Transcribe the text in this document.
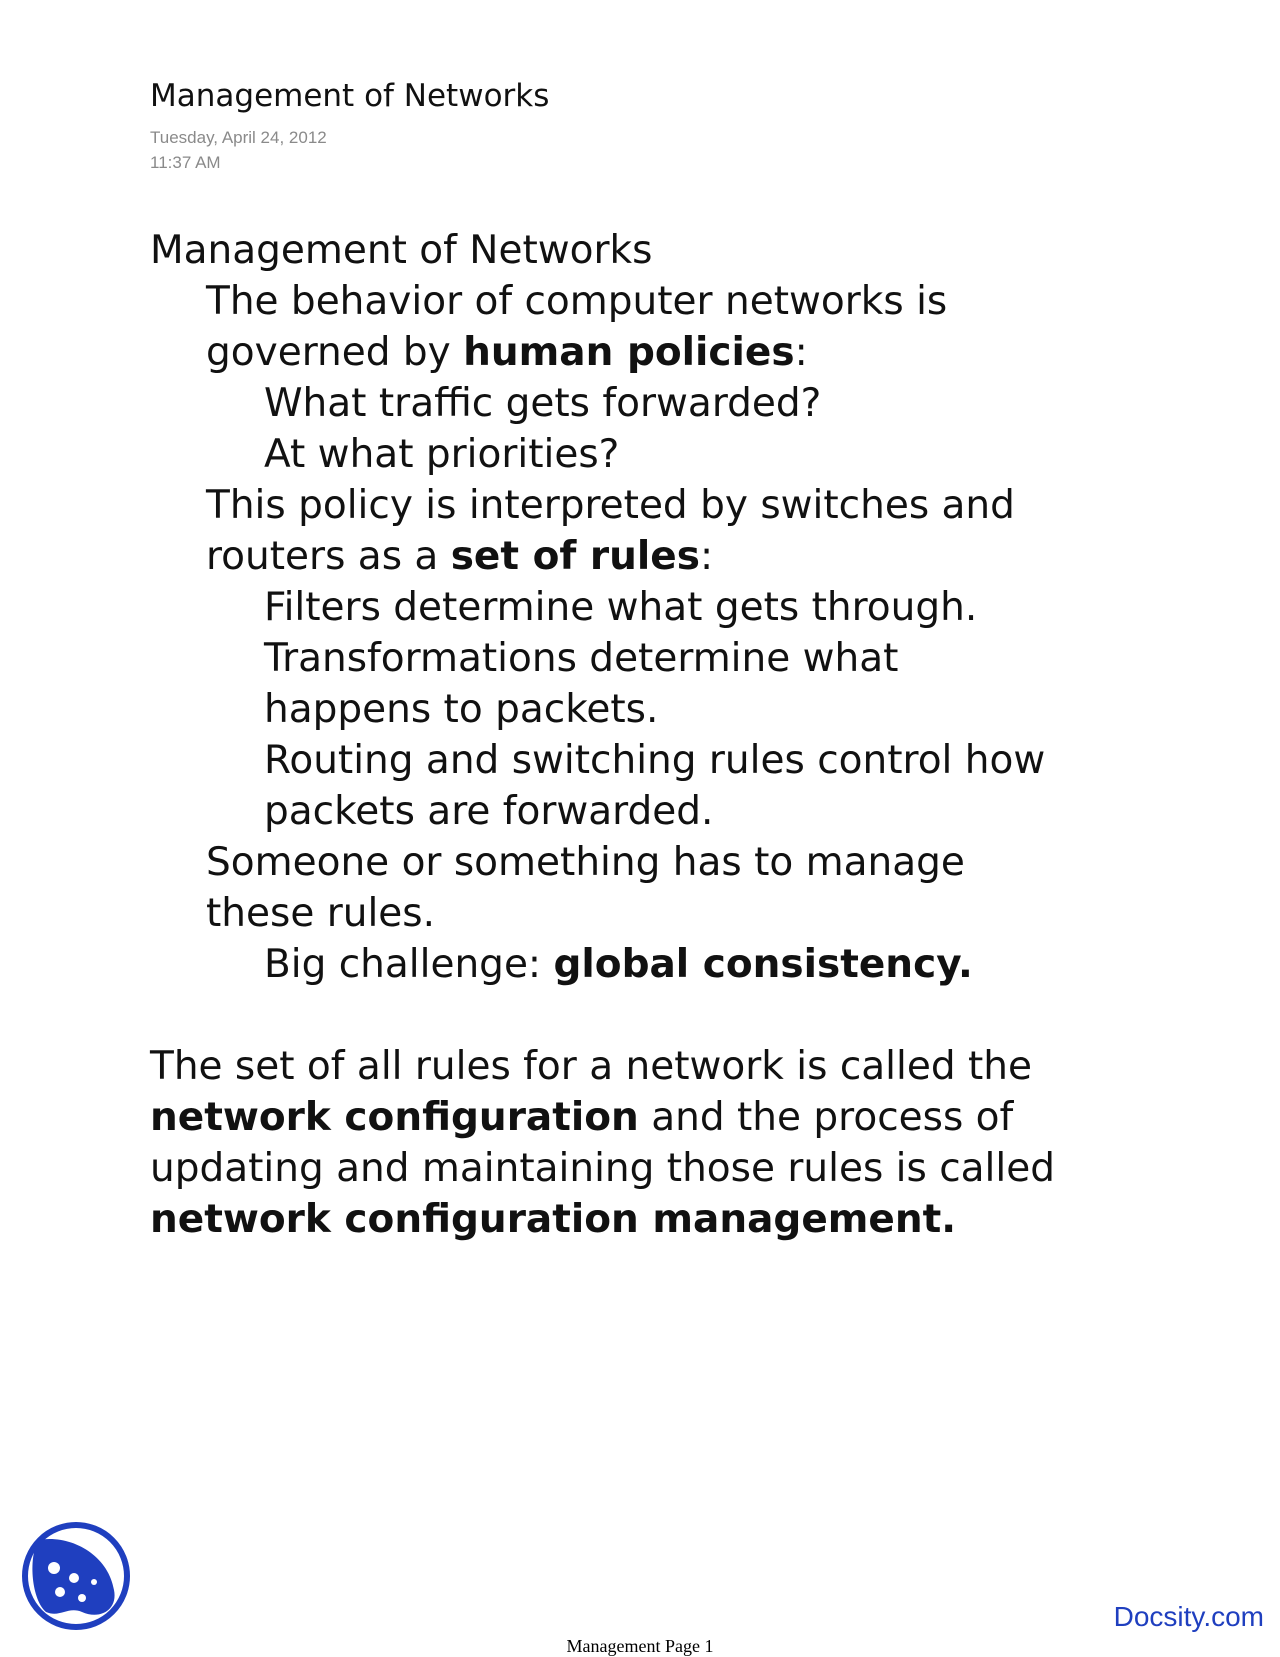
Management of Networks
Tuesday, April 24, 2012
11:37 AM
Management of Networks
The behavior of computer networks is
governed by human policies:
What traffic gets forwarded?
At what priorities?
This policy is interpreted by switches and
routers as a set of rules:
Filters determine what gets through.
Transformations determine what
happens to packets.
Routing and switching rules control how
packets are forwarded.
Someone or something has to manage
these rules.
Big challenge: global consistency.
The set of all rules for a network is called the
network configuration and the process of
updating and maintaining those rules is called
network configuration management.
Docsity.com
Management Page 1
